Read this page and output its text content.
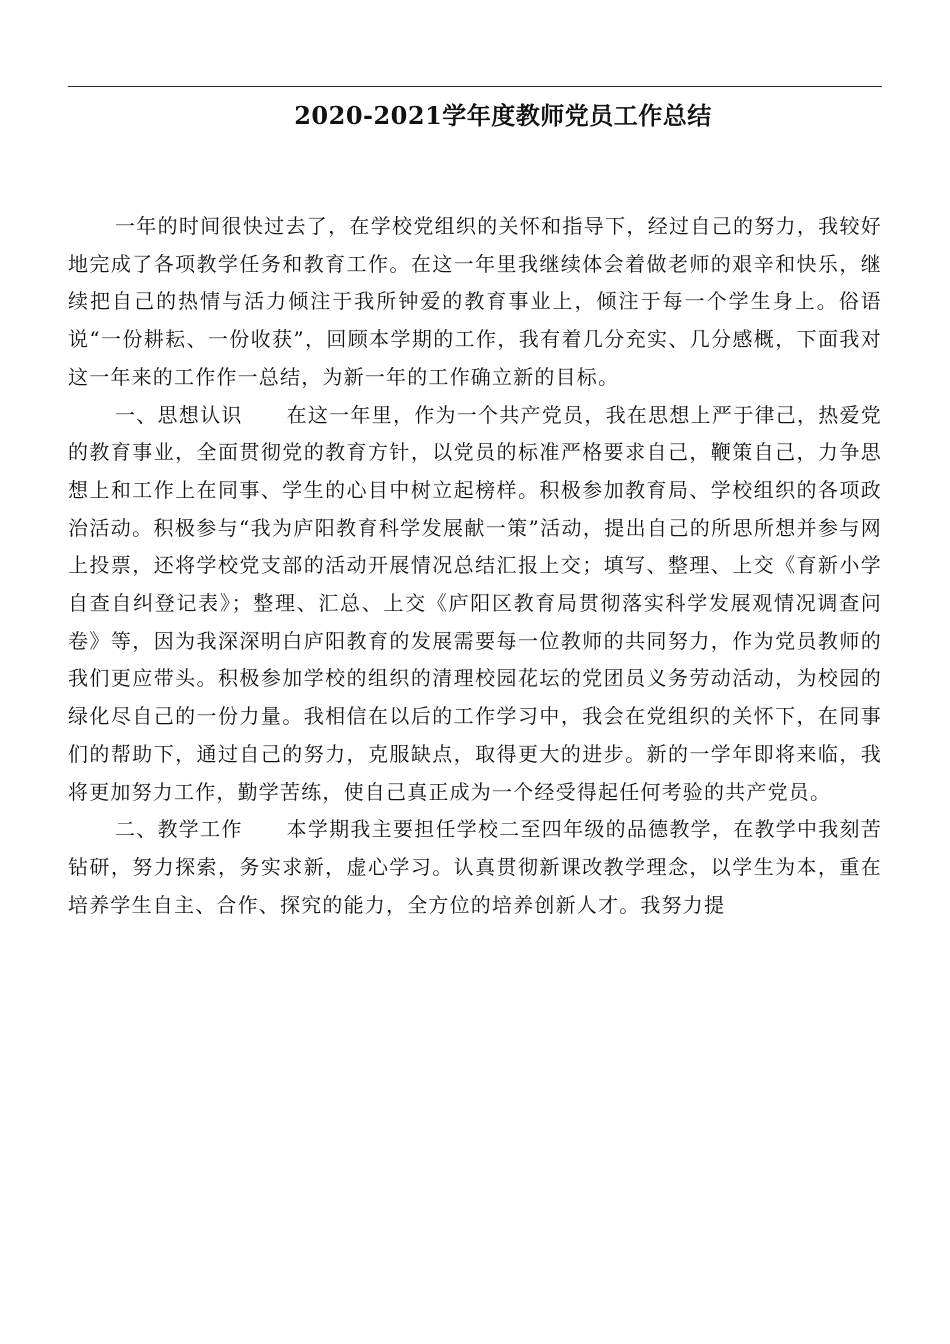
2020-2021学年度教师党员工作总结

一年的时间很快过去了，在学校党组织的关怀和指导下，经过自己的努力，我较好地完成了各项教学任务和教育工作。在这一年里我继续体会着做老师的艰辛和快乐，继续把自己的热情与活力倾注于我所钟爱的教育事业上，倾注于每一个学生身上。俗语说“一份耕耘、一份收获”，回顾本学期的工作，我有着几分充实、几分感概，下面我对这一年来的工作作一总结，为新一年的工作确立新的目标。

一、思想认识 在这一年里，作为一个共产党员，我在思想上严于律己，热爱党的教育事业，全面贯彻党的教育方针，以党员的标准严格要求自己，鞭策自己，力争思想上和工作上在同事、学生的心目中树立起榜样。积极参加教育局、学校组织的各项政治活动。积极参与“我为庐阳教育科学发展献一策”活动，提出自己的所思所想并参与网上投票，还将学校党支部的活动开展情况总结汇报上交；填写、整理、上交《育新小学自查自纠登记表》；整理、汇总、上交《庐阳区教育局贯彻落实科学发展观情况调查问卷》等，因为我深深明白庐阳教育的发展需要每一位教师的共同努力，作为党员教师的我们更应带头。积极参加学校的组织的清理校园花坛的党团员义务劳动活动，为校园的绿化尽自己的一份力量。我相信在以后的工作学习中，我会在党组织的关怀下，在同事们的帮助下，通过自己的努力，克服缺点，取得更大的进步。新的一学年即将来临，我将更加努力工作，勤学苦练，使自己真正成为一个经受得起任何考验的共产党员。

二、教学工作 本学期我主要担任学校二至四年级的品德教学，在教学中我刻苦钻研，努力探索，务实求新，虚心学习。认真贯彻新课改教学理念，以学生为本，重在培养学生自主、合作、探究的能力，全方位的培养创新人才。我努力提
